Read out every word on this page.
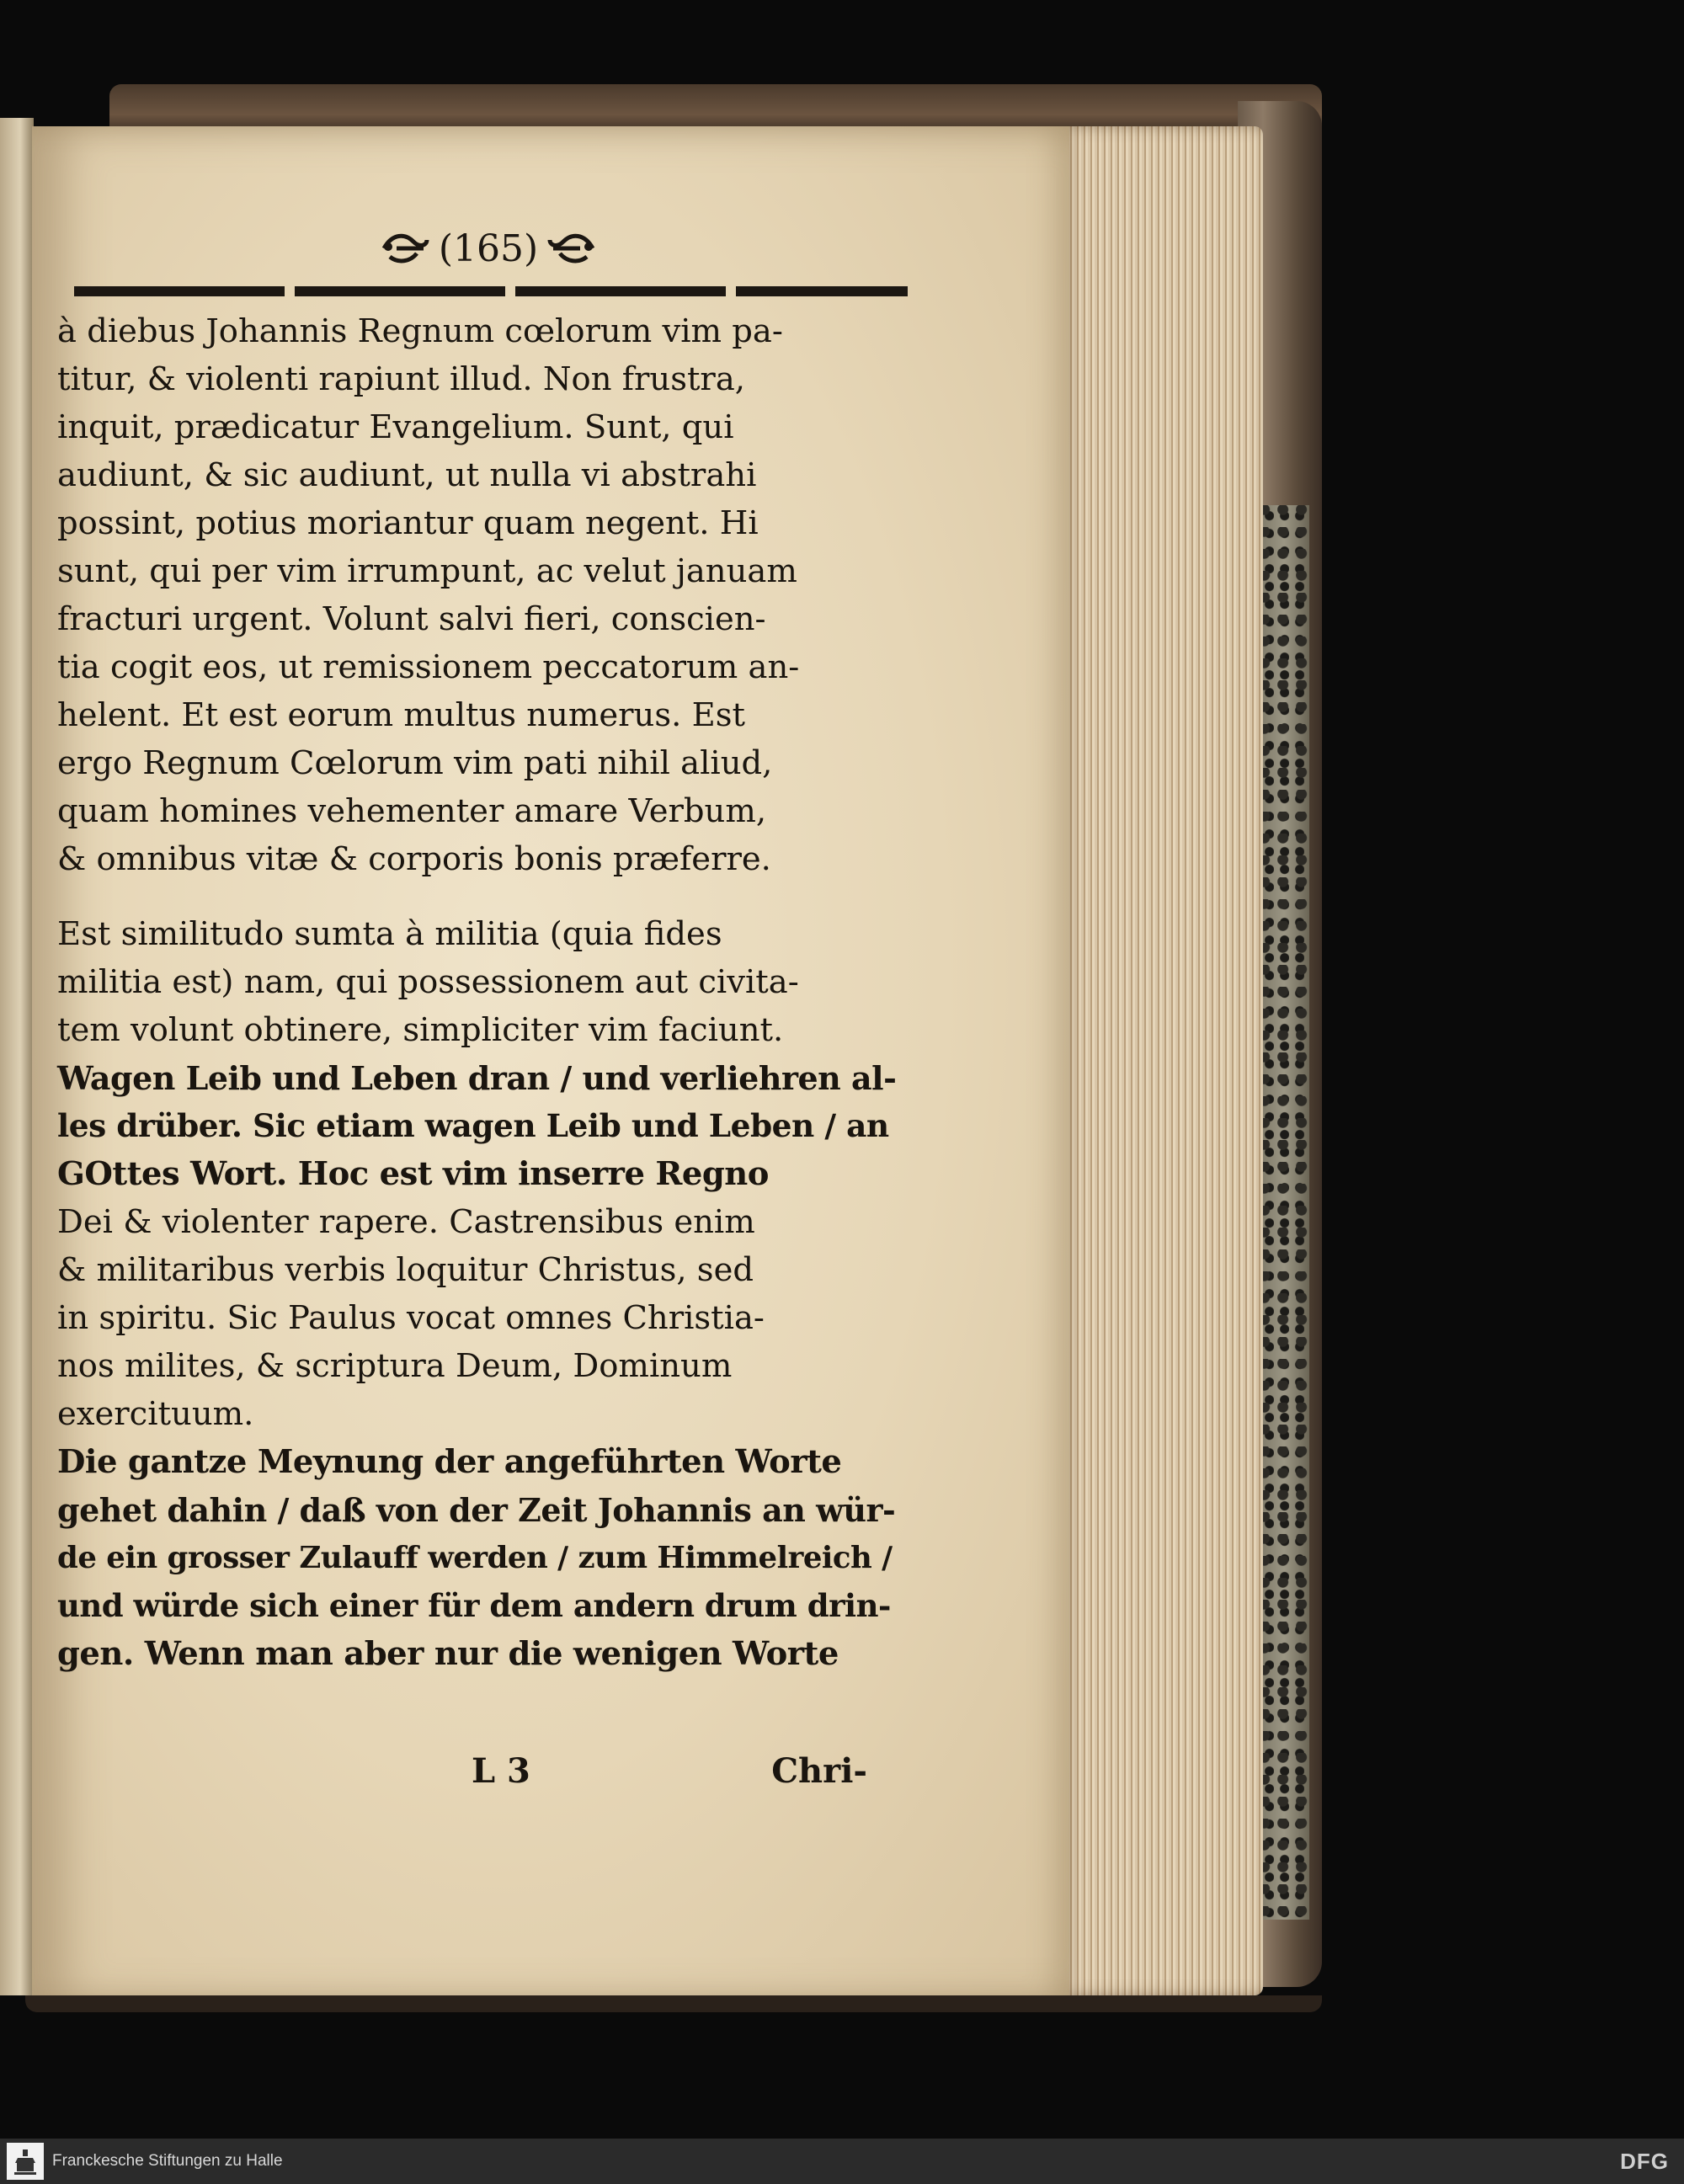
(165)
à diebus Johannis Regnum cœlorum vim pa-
titur, & violenti rapiunt illud. Non frustra,
inquit, prædicatur Evangelium. Sunt, qui
audiunt, & sic audiunt, ut nulla vi abstrahi
possint, potius moriantur quam negent. Hi
sunt, qui per vim irrumpunt, ac velut januam
fracturi urgent. Volunt salvi fieri, conscien-
tia cogit eos, ut remissionem peccatorum an-
helent. Et est eorum multus numerus. Est
ergo Regnum Cœlorum vim pati nihil aliud,
quam homines vehementer amare Verbum,
& omnibus vitæ & corporis bonis præferre.
Est similitudo sumta à militia (quia fides
militia est) nam, qui possessionem aut civita-
tem volunt obtinere, simpliciter vim faciunt.
Wagen Leib und Leben dran / und verliehren al-
les drüber. Sic etiam wagen Leib und Leben / an
GOttes Wort. Hoc est vim inserre Regno
Dei & violenter rapere. Castrensibus enim
& militaribus verbis loquitur Christus, sed
in spiritu. Sic Paulus vocat omnes Christia-
nos milites, & scriptura Deum, Dominum
exercituum.
Die gantze Meynung der angeführten Worte
gehet dahin / daß von der Zeit Johannis an wür-
de ein grosser Zulauff werden / zum Himmelreich /
und würde sich einer für dem andern drum drin-
gen. Wenn man aber nur die wenigen Worte
L 3	Chri-
Franckesche Stiftungen zu Halle	DFG
